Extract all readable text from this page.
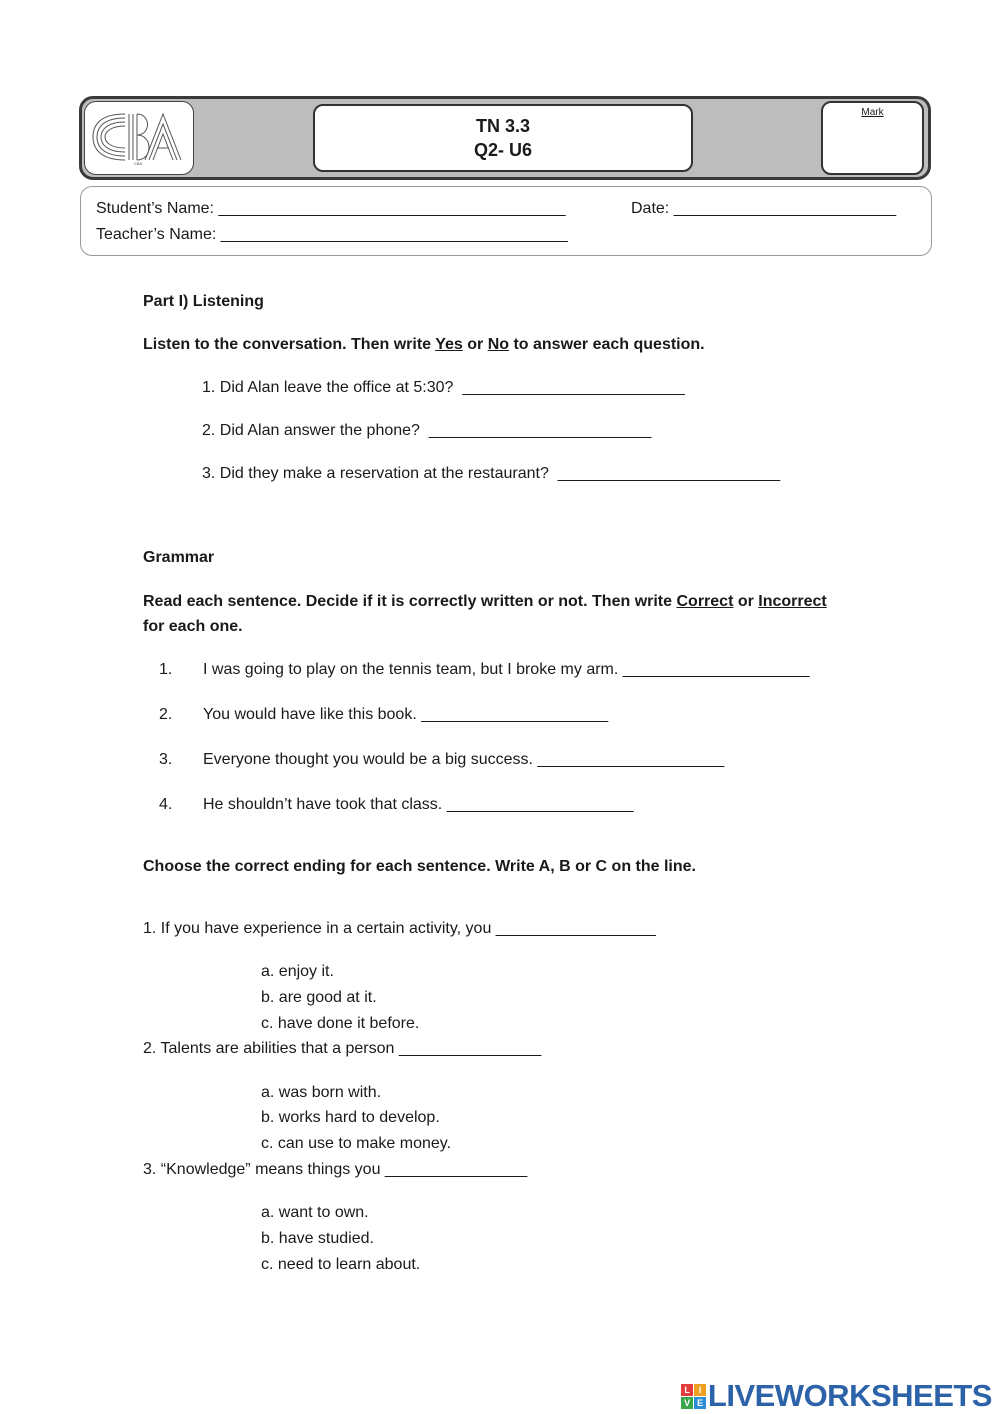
CBA
TN 3.3
Q2- U6
Mark
Student’s Name: _______________________________________	Date: _________________________
Teacher’s Name: _______________________________________
Part I) Listening
Listen to the conversation. Then write Yes or No to answer each question.
1. Did Alan leave the office at 5:30?  _________________________
2. Did Alan answer the phone?  _________________________
3. Did they make a reservation at the restaurant?  _________________________
Grammar
Read each sentence. Decide if it is correctly written or not. Then write Correct or Incorrect
for each one.
1. I was going to play on the tennis team, but I broke my arm. _____________________
2. You would have like this book. _____________________
3. Everyone thought you would be a big success. _____________________
4. He shouldn’t have took that class. _____________________
Choose the correct ending for each sentence. Write A, B or C on the line.
1. If you have experience in a certain activity, you __________________
a. enjoy it.
b. are good at it.
c. have done it before.
2. Talents are abilities that a person ________________
a. was born with.
b. works hard to develop.
c. can use to make money.
3. “Knowledge” means things you ________________
a. want to own.
b. have studied.
c. need to learn about.
L	I
V E LIVEWORKSHEETS
